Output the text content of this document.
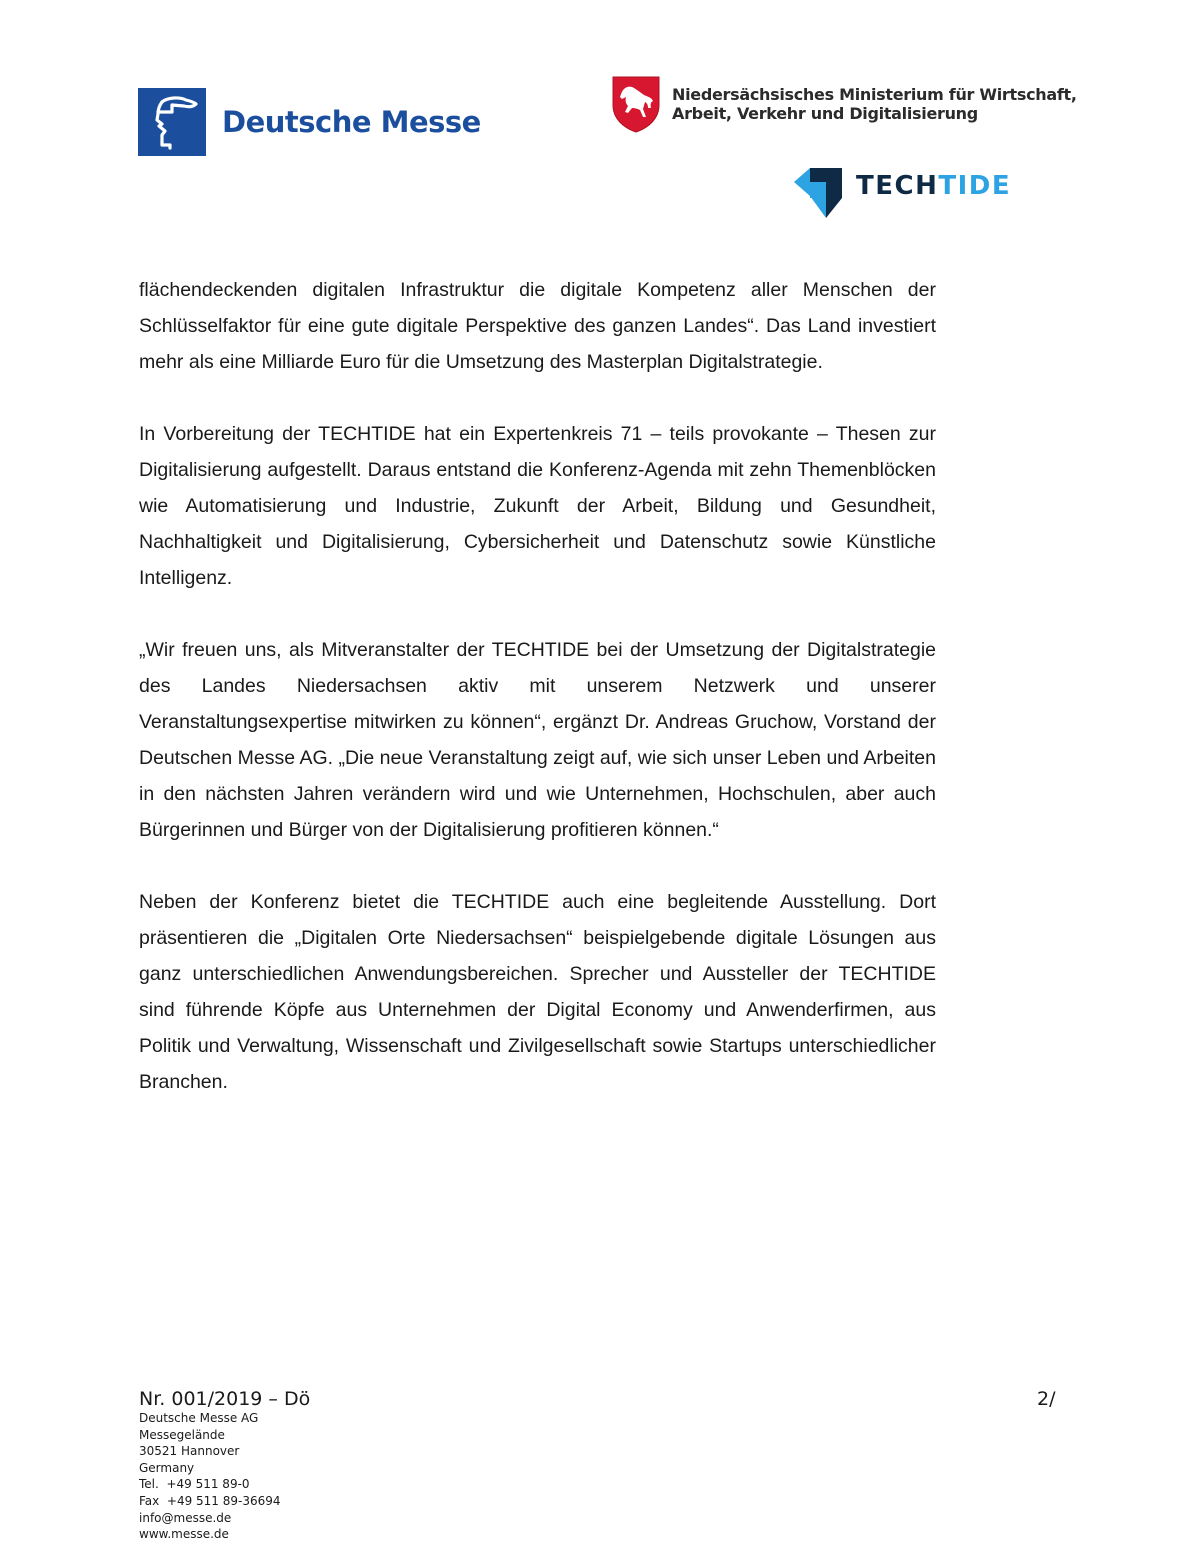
Deutsche Messe
Niedersächsisches Ministerium für Wirtschaft,
Arbeit, Verkehr und Digitalisierung
TECHTIDE

flächendeckenden digitalen Infrastruktur die digitale Kompetenz aller Menschen der Schlüsselfaktor für eine gute digitale Perspektive des ganzen Landes“. Das Land investiert mehr als eine Milliarde Euro für die Umsetzung des Masterplan Digitalstrategie.

In Vorbereitung der TECHTIDE hat ein Expertenkreis 71 – teils provokante – Thesen zur Digitalisierung aufgestellt. Daraus entstand die Konferenz-Agenda mit zehn Themenblöcken wie Automatisierung und Industrie, Zukunft der Arbeit, Bildung und Gesundheit, Nachhaltigkeit und Digitalisierung, Cybersicherheit und Datenschutz sowie Künstliche Intelligenz.

„Wir freuen uns, als Mitveranstalter der TECHTIDE bei der Umsetzung der Digitalstrategie des Landes Niedersachsen aktiv mit unserem Netzwerk und unserer Veranstaltungsexpertise mitwirken zu können“, ergänzt Dr. Andreas Gruchow, Vorstand der Deutschen Messe AG. „Die neue Veranstaltung zeigt auf, wie sich unser Leben und Arbeiten in den nächsten Jahren verändern wird und wie Unternehmen, Hochschulen, aber auch Bürgerinnen und Bürger von der Digitalisierung profitieren können.“

Neben der Konferenz bietet die TECHTIDE auch eine begleitende Ausstellung. Dort präsentieren die „Digitalen Orte Niedersachsen“ beispielgebende digitale Lösungen aus ganz unterschiedlichen Anwendungsbereichen. Sprecher und Aussteller der TECHTIDE sind führende Köpfe aus Unternehmen der Digital Economy und Anwenderfirmen, aus Politik und Verwaltung, Wissenschaft und Zivilgesellschaft sowie Startups unterschiedlicher Branchen.

Nr. 001/2019 – Dö	2/
Deutsche Messe AG
Messegelände
30521 Hannover
Germany
Tel.  +49 511 89-0
Fax  +49 511 89-36694
info@messe.de
www.messe.de
